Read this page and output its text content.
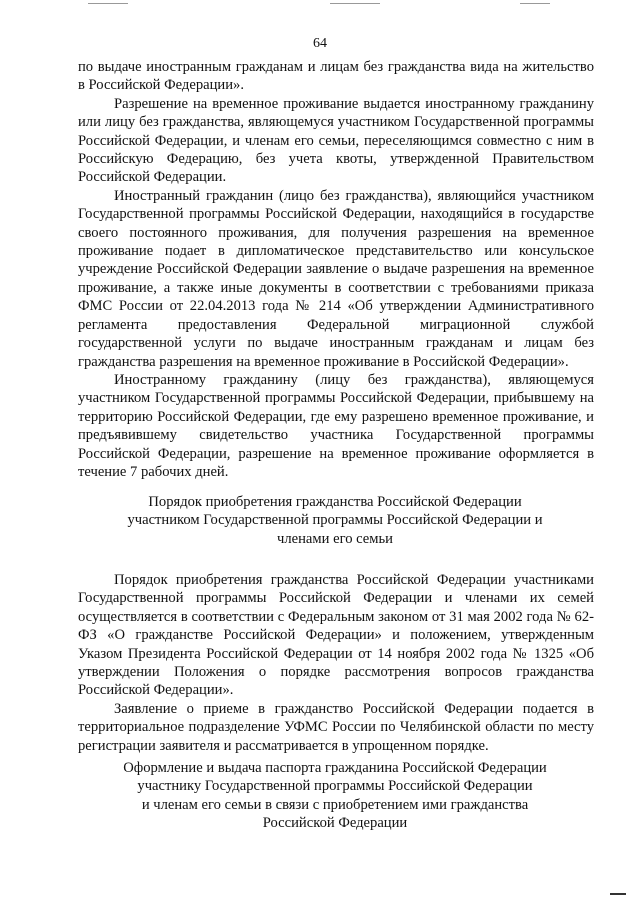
64

по выдаче иностранным гражданам и лицам без гражданства вида на жительство в Российской Федерации».

Разрешение на временное проживание выдается иностранному гражданину или лицу без гражданства, являющемуся участником Государственной программы Российской Федерации, и членам его семьи, переселяющимся совместно с ним в Российскую Федерацию, без учета квоты, утвержденной Правительством Российской Федерации.

Иностранный гражданин (лицо без гражданства), являющийся участником Государственной программы Российской Федерации, находящийся в государстве своего постоянного проживания, для получения разрешения на временное проживание подает в дипломатическое представительство или консульское учреждение Российской Федерации заявление о выдаче разрешения на временное проживание, а также иные документы в соответствии с требованиями приказа ФМС России от 22.04.2013 года № 214 «Об утверждении Административного регламента предоставления Федеральной миграционной службой государственной услуги по выдаче иностранным гражданам и лицам без гражданства разрешения на временное проживание в Российской Федерации».

Иностранному гражданину (лицу без гражданства), являющемуся участником Государственной программы Российской Федерации, прибывшему на территорию Российской Федерации, где ему разрешено временное проживание, и предъявившему свидетельство участника Государственной программы Российской Федерации, разрешение на временное проживание оформляется в течение 7 рабочих дней.

Порядок приобретения гражданства Российской Федерации
участником Государственной программы Российской Федерации и
членами его семьи

Порядок приобретения гражданства Российской Федерации участниками Государственной программы Российской Федерации и членами их семей осуществляется в соответствии с Федеральным законом от 31 мая 2002 года № 62-ФЗ «О гражданстве Российской Федерации» и положением, утвержденным Указом Президента Российской Федерации от 14 ноября 2002 года № 1325 «Об утверждении Положения о порядке рассмотрения вопросов гражданства Российской Федерации».

Заявление о приеме в гражданство Российской Федерации подается в территориальное подразделение УФМС России по Челябинской области по месту регистрации заявителя и рассматривается в упрощенном порядке.

Оформление и выдача паспорта гражданина Российской Федерации
участнику Государственной программы Российской Федерации
и членам его семьи в связи с приобретением ими гражданства
Российской Федерации
